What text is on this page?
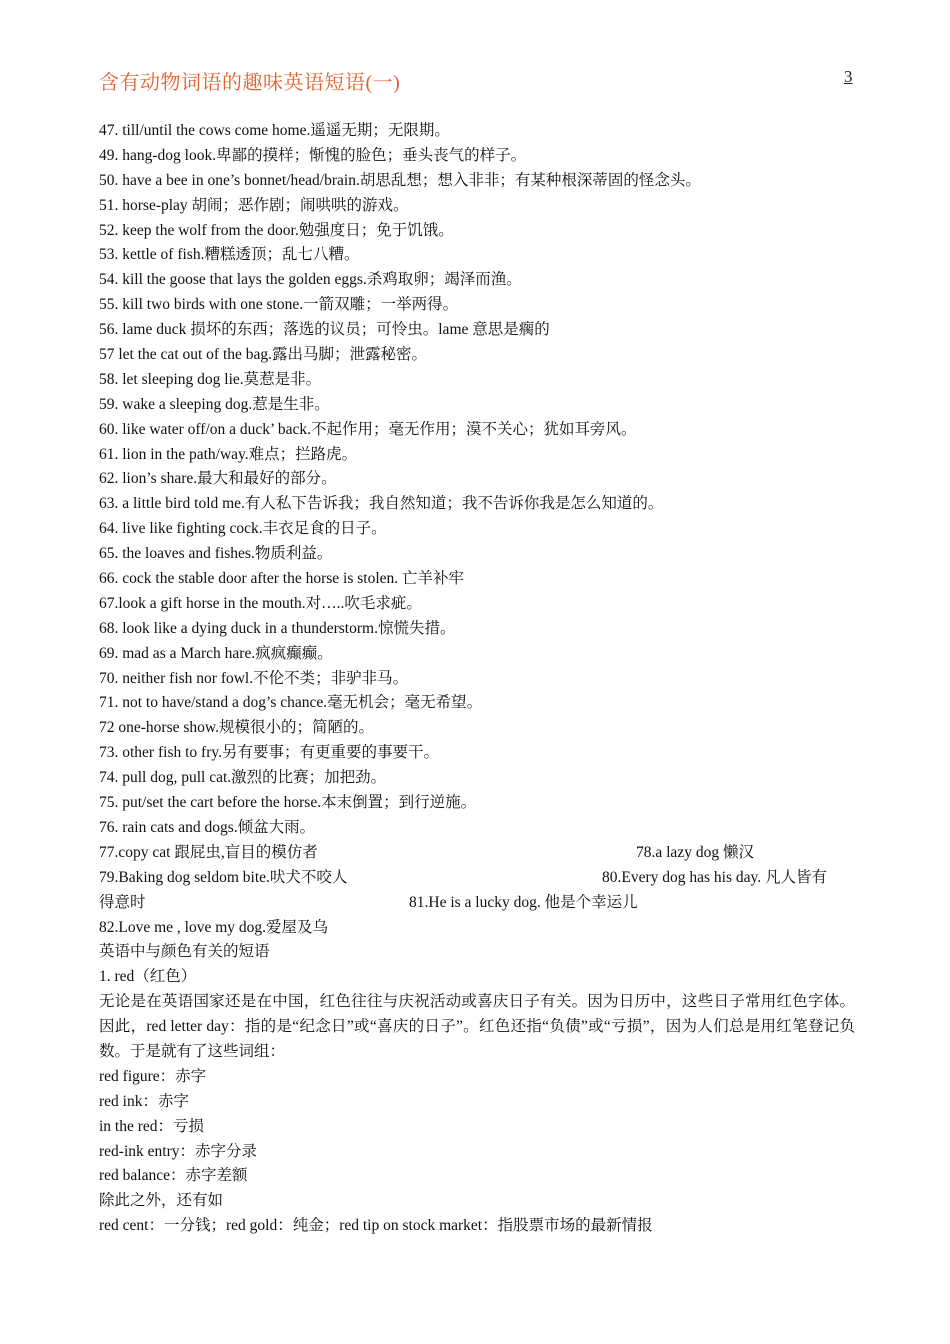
含有动物词语的趣味英语短语(一)	3
47. till/until the cows come home.遥遥无期；无限期。
49. hang-dog look.卑鄙的摸样；惭愧的脸色；垂头丧气的样子。
50. have a bee in one’s bonnet/head/brain.胡思乱想；想入非非；有某种根深蒂固的怪念头。
51. horse-play 胡闹；恶作剧；闹哄哄的游戏。
52. keep the wolf from the door.勉强度日；免于饥饿。
53. kettle of fish.糟糕透顶；乱七八糟。
54. kill the goose that lays the golden eggs.杀鸡取卵；竭泽而渔。
55. kill two birds with one stone.一箭双雕；一举两得。
56. lame duck 损坏的东西；落选的议员；可怜虫。lame 意思是瘸的
57 let the cat out of the bag.露出马脚；泄露秘密。
58. let sleeping dog lie.莫惹是非。
59. wake a sleeping dog.惹是生非。
60. like water off/on a duck’ back.不起作用；毫无作用；漠不关心；犹如耳旁风。
61. lion in the path/way.难点；拦路虎。
62. lion’s share.最大和最好的部分。
63. a little bird told me.有人私下告诉我；我自然知道；我不告诉你我是怎么知道的。
64. live like fighting cock.丰衣足食的日子。
65. the loaves and fishes.物质利益。
66. cock the stable door after the horse is stolen. 亡羊补牢
67.look a gift horse in the mouth.对…..吹毛求疵。
68. look like a dying duck in a thunderstorm.惊慌失措。
69. mad as a March hare.疯疯癫癫。
70. neither fish nor fowl.不伦不类；非驴非马。
71. not to have/stand a dog’s chance.毫无机会；毫无希望。
72 one-horse show.规模很小的；简陋的。
73. other fish to fry.另有要事；有更重要的事要干。
74. pull dog, pull cat.激烈的比赛；加把劲。
75. put/set the cart before the horse.本末倒置；到行逆施。
76. rain cats and dogs.倾盆大雨。
77.copy cat 跟屁虫,盲目的模仿者	78.a lazy dog 懒汉
79.Baking dog seldom bite.吠犬不咬人	80.Every dog has his day. 凡人皆有
得意时	81.He is a lucky dog. 他是个幸运儿
82.Love me , love my dog.爱屋及乌
英语中与颜色有关的短语
1. red（红色）
无论是在英语国家还是在中国，红色往往与庆祝活动或喜庆日子有关。因为日历中，这些日子常用红色字体。因此，red letter day：指的是“纪念日”或“喜庆的日子”。红色还指“负债”或“亏损”，因为人们总是用红笔登记负数。于是就有了这些词组：
red figure：赤字
red ink：赤字
in the red：亏损
red-ink entry：赤字分录
red balance：赤字差额
除此之外，还有如
red cent：一分钱；red gold：纯金；red tip on stock market：指股票市场的最新情报
